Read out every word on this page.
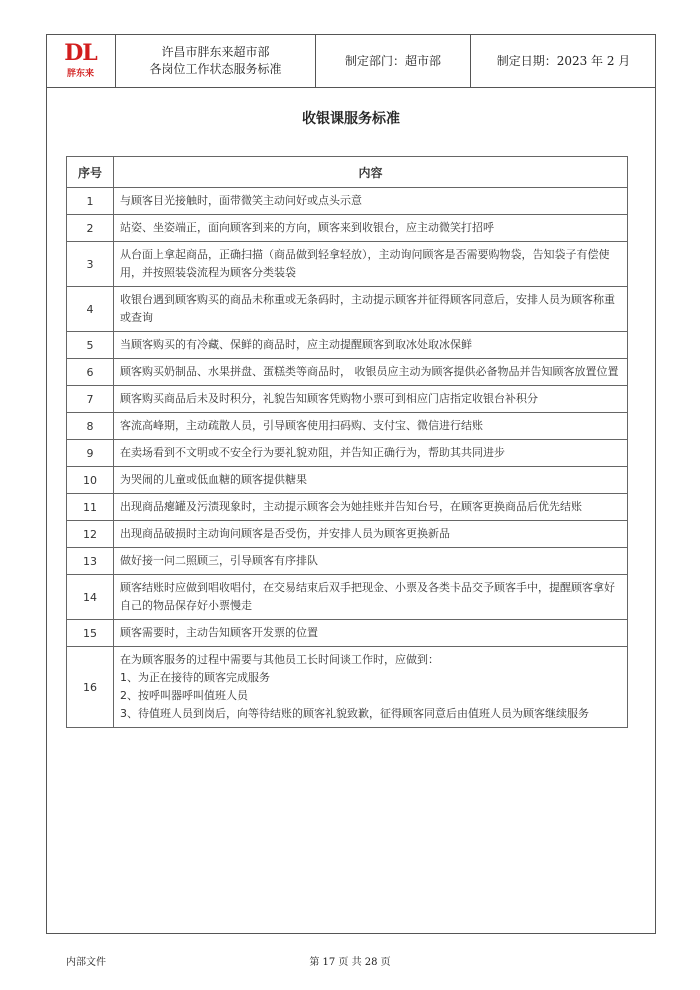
DL
胖东来
许昌市胖东来超市部
各岗位工作状态服务标准
制定部门：超市部	制定日期：2023 年 2 月
收银课服务标准
序号	内容
1	与顾客目光接触时，面带微笑主动问好或点头示意
2	站姿、坐姿端正，面向顾客到来的方向，顾客来到收银台，应主动微笑打招呼
3	从台面上拿起商品，正确扫描（商品做到轻拿轻放），主动询问顾客是否需要购物袋，告知袋子有偿使用，并按照装袋流程为顾客分类装袋
4	收银台遇到顾客购买的商品未称重或无条码时，主动提示顾客并征得顾客同意后，安排人员为顾客称重或查询
5	当顾客购买的有冷藏、保鲜的商品时，应主动提醒顾客到取冰处取冰保鲜
6	顾客购买奶制品、水果拼盘、蛋糕类等商品时， 收银员应主动为顾客提供必备物品并告知顾客放置位置
7	顾客购买商品后未及时积分，礼貌告知顾客凭购物小票可到相应门店指定收银台补积分
8	客流高峰期，主动疏散人员，引导顾客使用扫码购、支付宝、微信进行结账
9	在卖场看到不文明或不安全行为要礼貌劝阻，并告知正确行为，帮助其共同进步
10	为哭闹的儿童或低血糖的顾客提供糖果
11	出现商品瘪罐及污渍现象时，主动提示顾客会为她挂账并告知台号，在顾客更换商品后优先结账
12	出现商品破损时主动询问顾客是否受伤，并安排人员为顾客更换新品
13	做好接一问二照顾三，引导顾客有序排队
14	顾客结账时应做到唱收唱付，在交易结束后双手把现金、小票及各类卡品交予顾客手中，提醒顾客拿好自己的物品保存好小票慢走
15	顾客需要时，主动告知顾客开发票的位置
16	在为顾客服务的过程中需要与其他员工长时间谈工作时，应做到：
1、为正在接待的顾客完成服务
2、按呼叫器呼叫值班人员
3、待值班人员到岗后，向等待结账的顾客礼貌致歉，征得顾客同意后由值班人员为顾客继续服务
内部文件	第 17 页 共 28 页
